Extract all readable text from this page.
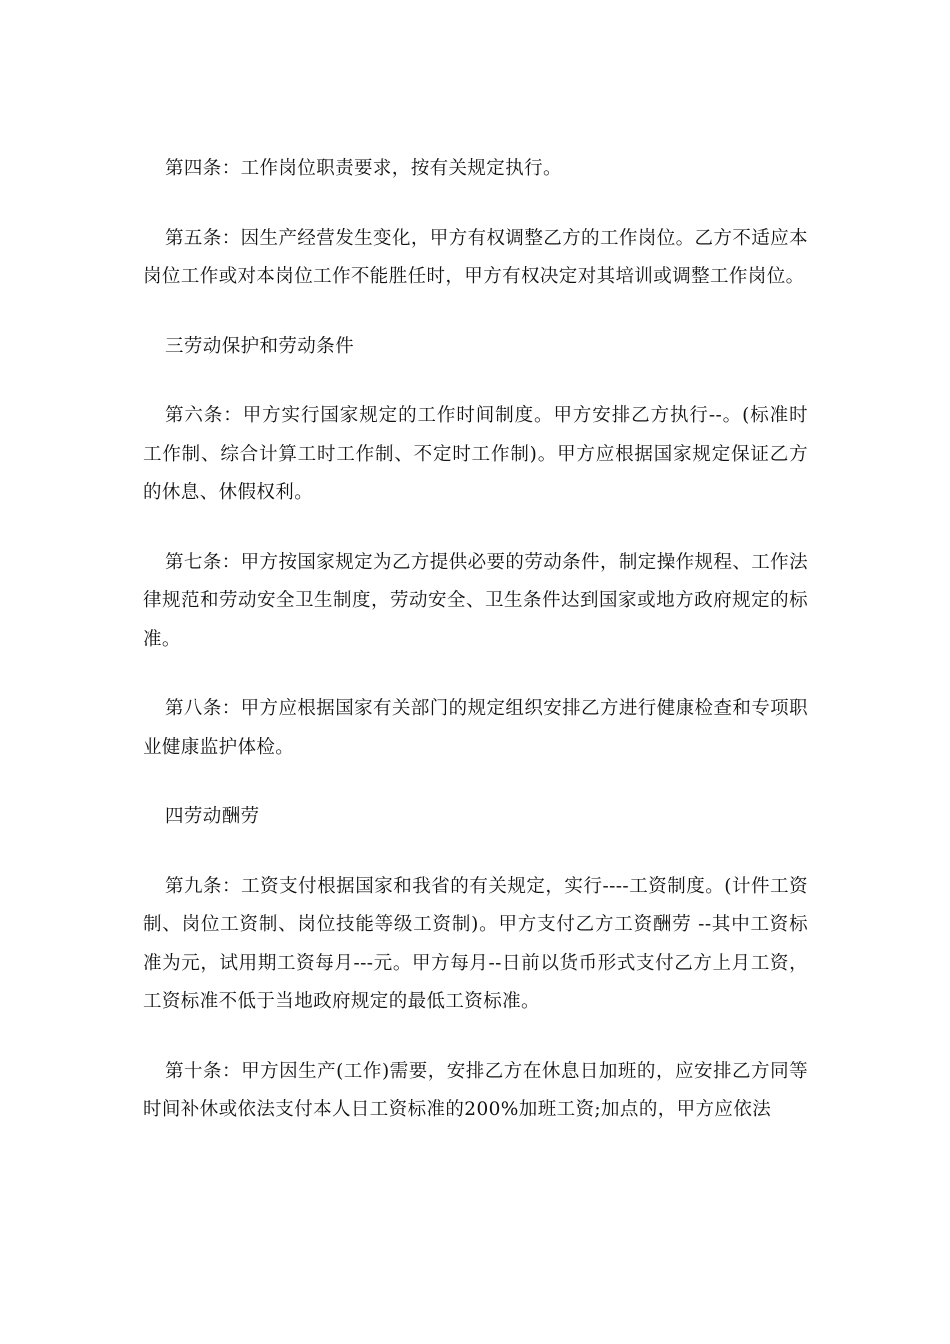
第四条：工作岗位职责要求，按有关规定执行。

第五条：因生产经营发生变化，甲方有权调整乙方的工作岗位。乙方不适应本岗位工作或对本岗位工作不能胜任时，甲方有权决定对其培训或调整工作岗位。

三劳动保护和劳动条件

第六条：甲方实行国家规定的工作时间制度。甲方安排乙方执行--。(标准时工作制、综合计算工时工作制、不定时工作制)。甲方应根据国家规定保证乙方的休息、休假权利。

第七条：甲方按国家规定为乙方提供必要的劳动条件，制定操作规程、工作法律规范和劳动安全卫生制度，劳动安全、卫生条件达到国家或地方政府规定的标准。

第八条：甲方应根据国家有关部门的规定组织安排乙方进行健康检查和专项职业健康监护体检。

四劳动酬劳

第九条：工资支付根据国家和我省的有关规定，实行----工资制度。(计件工资制、岗位工资制、岗位技能等级工资制)。甲方支付乙方工资酬劳 --其中工资标准为元，试用期工资每月---元。甲方每月--日前以货币形式支付乙方上月工资，工资标准不低于当地政府规定的最低工资标准。

第十条：甲方因生产(工作)需要，安排乙方在休息日加班的，应安排乙方同等时间补休或依法支付本人日工资标准的200%加班工资;加点的，甲方应依法
